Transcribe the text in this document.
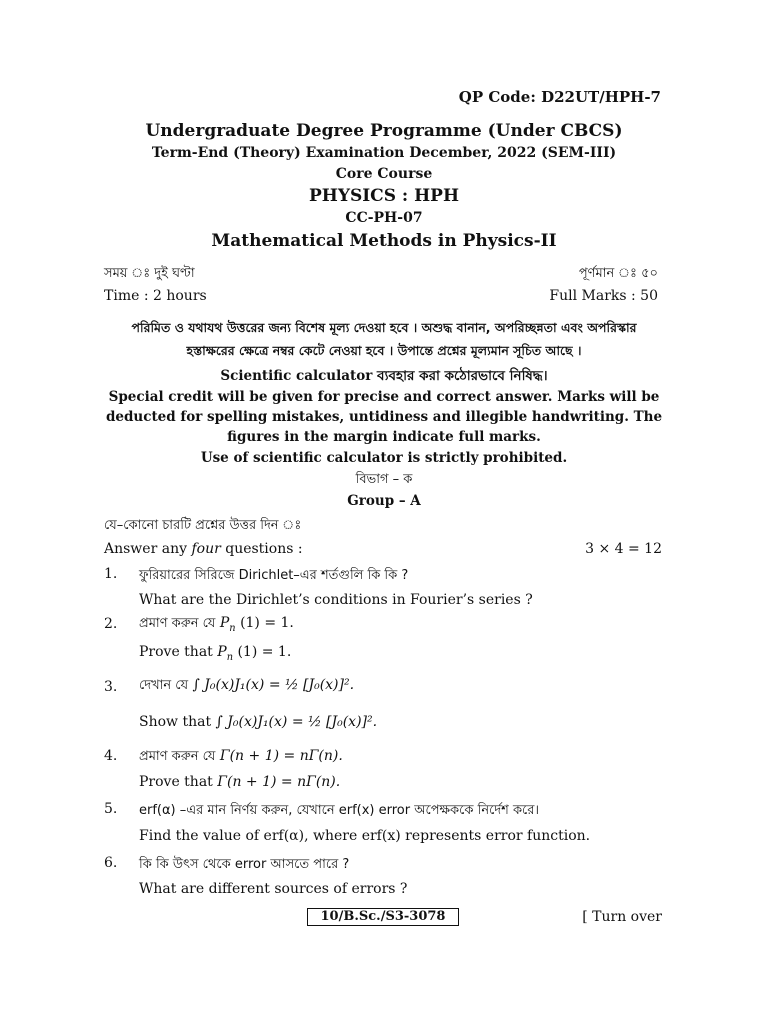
QP Code: D22UT/HPH-7
Undergraduate Degree Programme (Under CBCS)
Term-End (Theory) Examination December, 2022 (SEM-III)
Core Course
PHYSICS : HPH
CC-PH-07
Mathematical Methods in Physics-II
সময় ঃ দুই ঘণ্টা	পূর্ণমান ঃ ৫০
Time : 2 hours	Full Marks : 50
পরিমিত ও যথাযথ উত্তরের জন্য বিশেষ মূল্য দেওয়া হবে । অশুদ্ধ বানান, অপরিচ্ছন্নতা এবং অপরিস্কার
হস্তাক্ষরের ক্ষেত্রে নম্বর কেটে নেওয়া হবে । উপান্তে প্রশ্নের মূল্যমান সূচিত আছে ।
Scientific calculator ব্যবহার করা কঠোরভাবে নিষিদ্ধ।
Special credit will be given for precise and correct answer. Marks will be
deducted for spelling mistakes, untidiness and illegible handwriting. The
figures in the margin indicate full marks.
Use of scientific calculator is strictly prohibited.
বিভাগ – ক
Group – A
যে–কোনো চারটি প্রশ্নের উত্তর দিন ঃ
Answer any four questions :	3 × 4 = 12
1. ফুরিয়ারের সিরিজে Dirichlet–এর শর্তগুলি কি কি ?
What are the Dirichlet’s conditions in Fourier’s series ?
2. প্রমাণ করুন যে $P_n$ (1) = 1.
Prove that $P_n$ (1) = 1.
3. দেখান যে ∫ J₀(x)J₁(x) = ½ [J₀(x)]².
Show that ∫ J₀(x)J₁(x) = ½ [J₀(x)]².
4. প্রমাণ করুন যে Γ(n + 1) = nΓ(n).
Prove that Γ(n + 1) = nΓ(n).
5. erf(α) –এর মান নির্ণয় করুন, যেখানে erf(x) error অপেক্ষককে নির্দেশ করে।
Find the value of erf(α), where erf(x) represents error function.
6. কি কি উৎস থেকে error আসতে পারে ?
What are different sources of errors ?
10/B.Sc./S3-3078	[ Turn over
